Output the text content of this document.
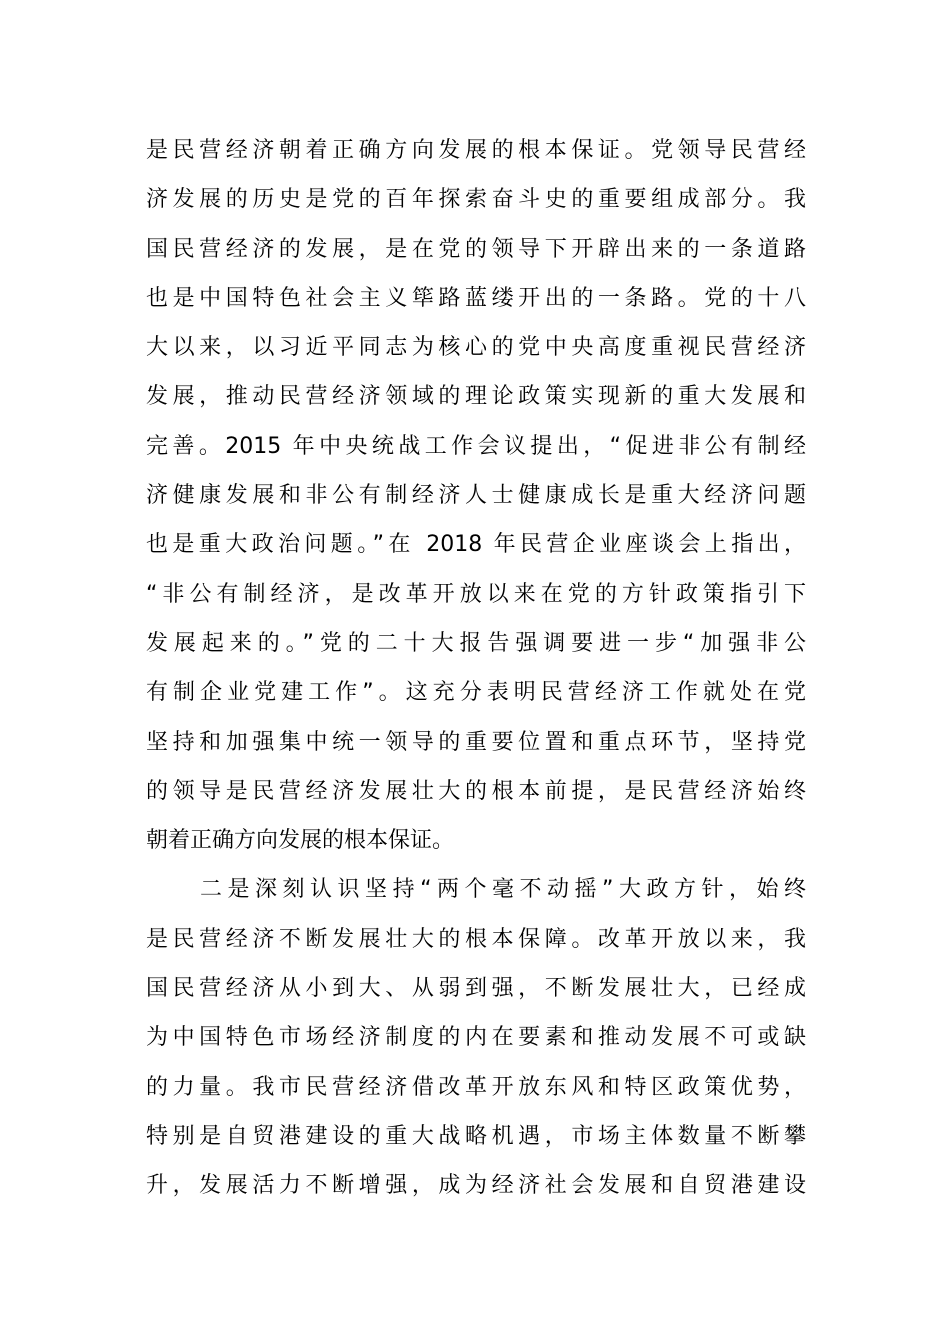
是民营经济朝着正确方向发展的根本保证。党领导民营经
济发展的历史是党的百年探索奋斗史的重要组成部分。我
国民营经济的发展，是在党的领导下开辟出来的一条道路
也是中国特色社会主义筚路蓝缕开出的一条路。党的十八
大以来，以习近平同志为核心的党中央高度重视民营经济
发展，推动民营经济领域的理论政策实现新的重大发展和
完善。2015 年中央统战工作会议提出，“促进非公有制经
济健康发展和非公有制经济人士健康成长是重大经济问题
也是重大政治问题。”在 2018 年民营企业座谈会上指出，
“非公有制经济，是改革开放以来在党的方针政策指引下
发展起来的。”党的二十大报告强调要进一步“加强非公
有制企业党建工作”。这充分表明民营经济工作就处在党
坚持和加强集中统一领导的重要位置和重点环节，坚持党
的领导是民营经济发展壮大的根本前提，是民营经济始终
朝着正确方向发展的根本保证。
二是深刻认识坚持“两个毫不动摇”大政方针，始终
是民营经济不断发展壮大的根本保障。改革开放以来，我
国民营经济从小到大、从弱到强，不断发展壮大，已经成
为中国特色市场经济制度的内在要素和推动发展不可或缺
的力量。我市民营经济借改革开放东风和特区政策优势，
特别是自贸港建设的重大战略机遇，市场主体数量不断攀
升，发展活力不断增强，成为经济社会发展和自贸港建设
